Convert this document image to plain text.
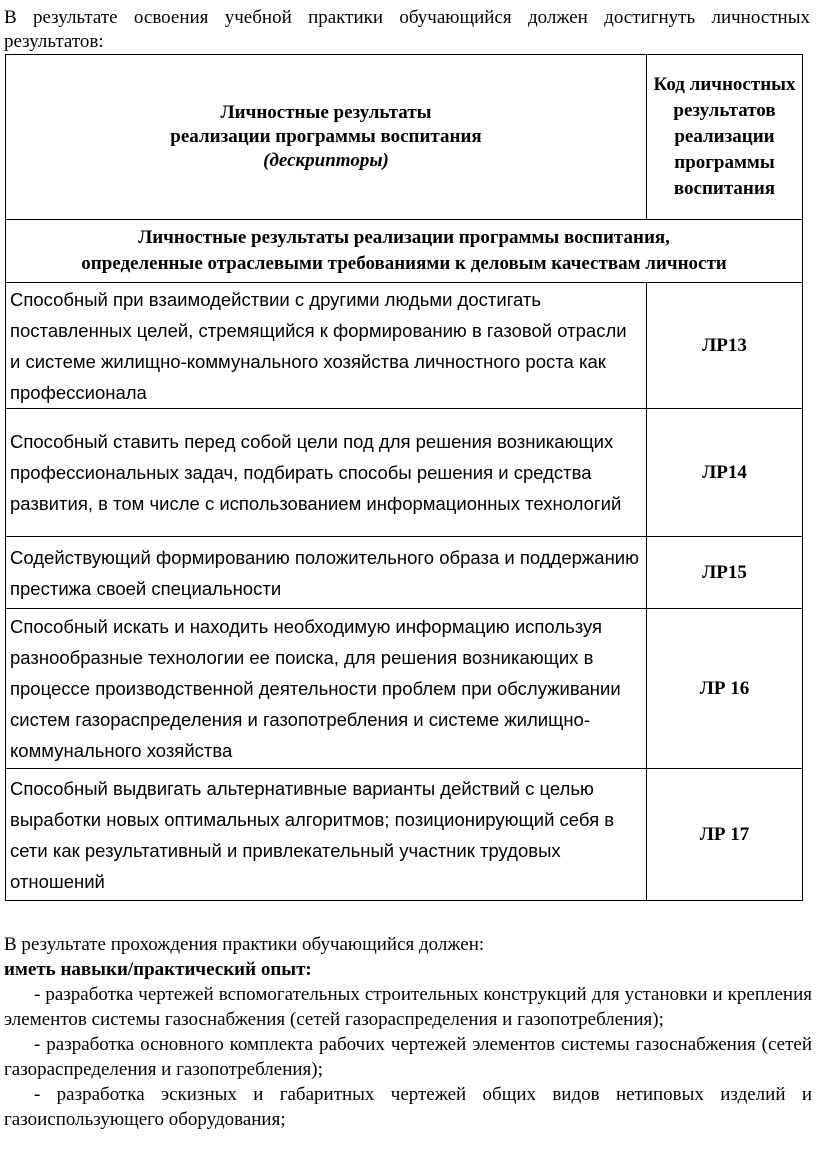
В результате освоения учебной практики обучающийся должен достигнуть личностных результатов:

Личностные результаты
реализации программы воспитания
(дескрипторы)	Код личностных результатов реализации программы воспитания

Личностные результаты реализации программы воспитания,
определенные отраслевыми требованиями к деловым качествам личности	

Способный при взаимодействии с другими людьми достигать поставленных целей, стремящийся к формированию в газовой отрасли и системе жилищно-коммунального хозяйства личностного роста как профессионала	ЛР13
Способный ставить перед собой цели под для решения возникающих профессиональных задач, подбирать способы решения и средства развития, в том числе с использованием информационных технологий	ЛР14
Содействующий формированию положительного образа и поддержанию престижа своей специальности	ЛР15
Способный искать и находить необходимую информацию используя разнообразные технологии ее поиска, для решения возникающих в процессе производственной деятельности проблем при обслуживании систем газораспределения и газопотребления и системе жилищно-коммунального хозяйства	ЛР 16
Способный выдвигать альтернативные варианты действий с целью выработки новых оптимальных алгоритмов; позиционирующий себя в сети как результативный и привлекательный участник трудовых отношений	ЛР 17

В результате прохождения практики обучающийся должен:

иметь навыки/практический опыт:

- разработка чертежей вспомогательных строительных конструкций для установки и крепления элементов системы газоснабжения (сетей газораспределения и газопотребления);

- разработка основного комплекта рабочих чертежей элементов системы газоснабжения (сетей газораспределения и газопотребления);

- разработка эскизных и габаритных чертежей общих видов нетиповых изделий и газоиспользующего оборудования;
